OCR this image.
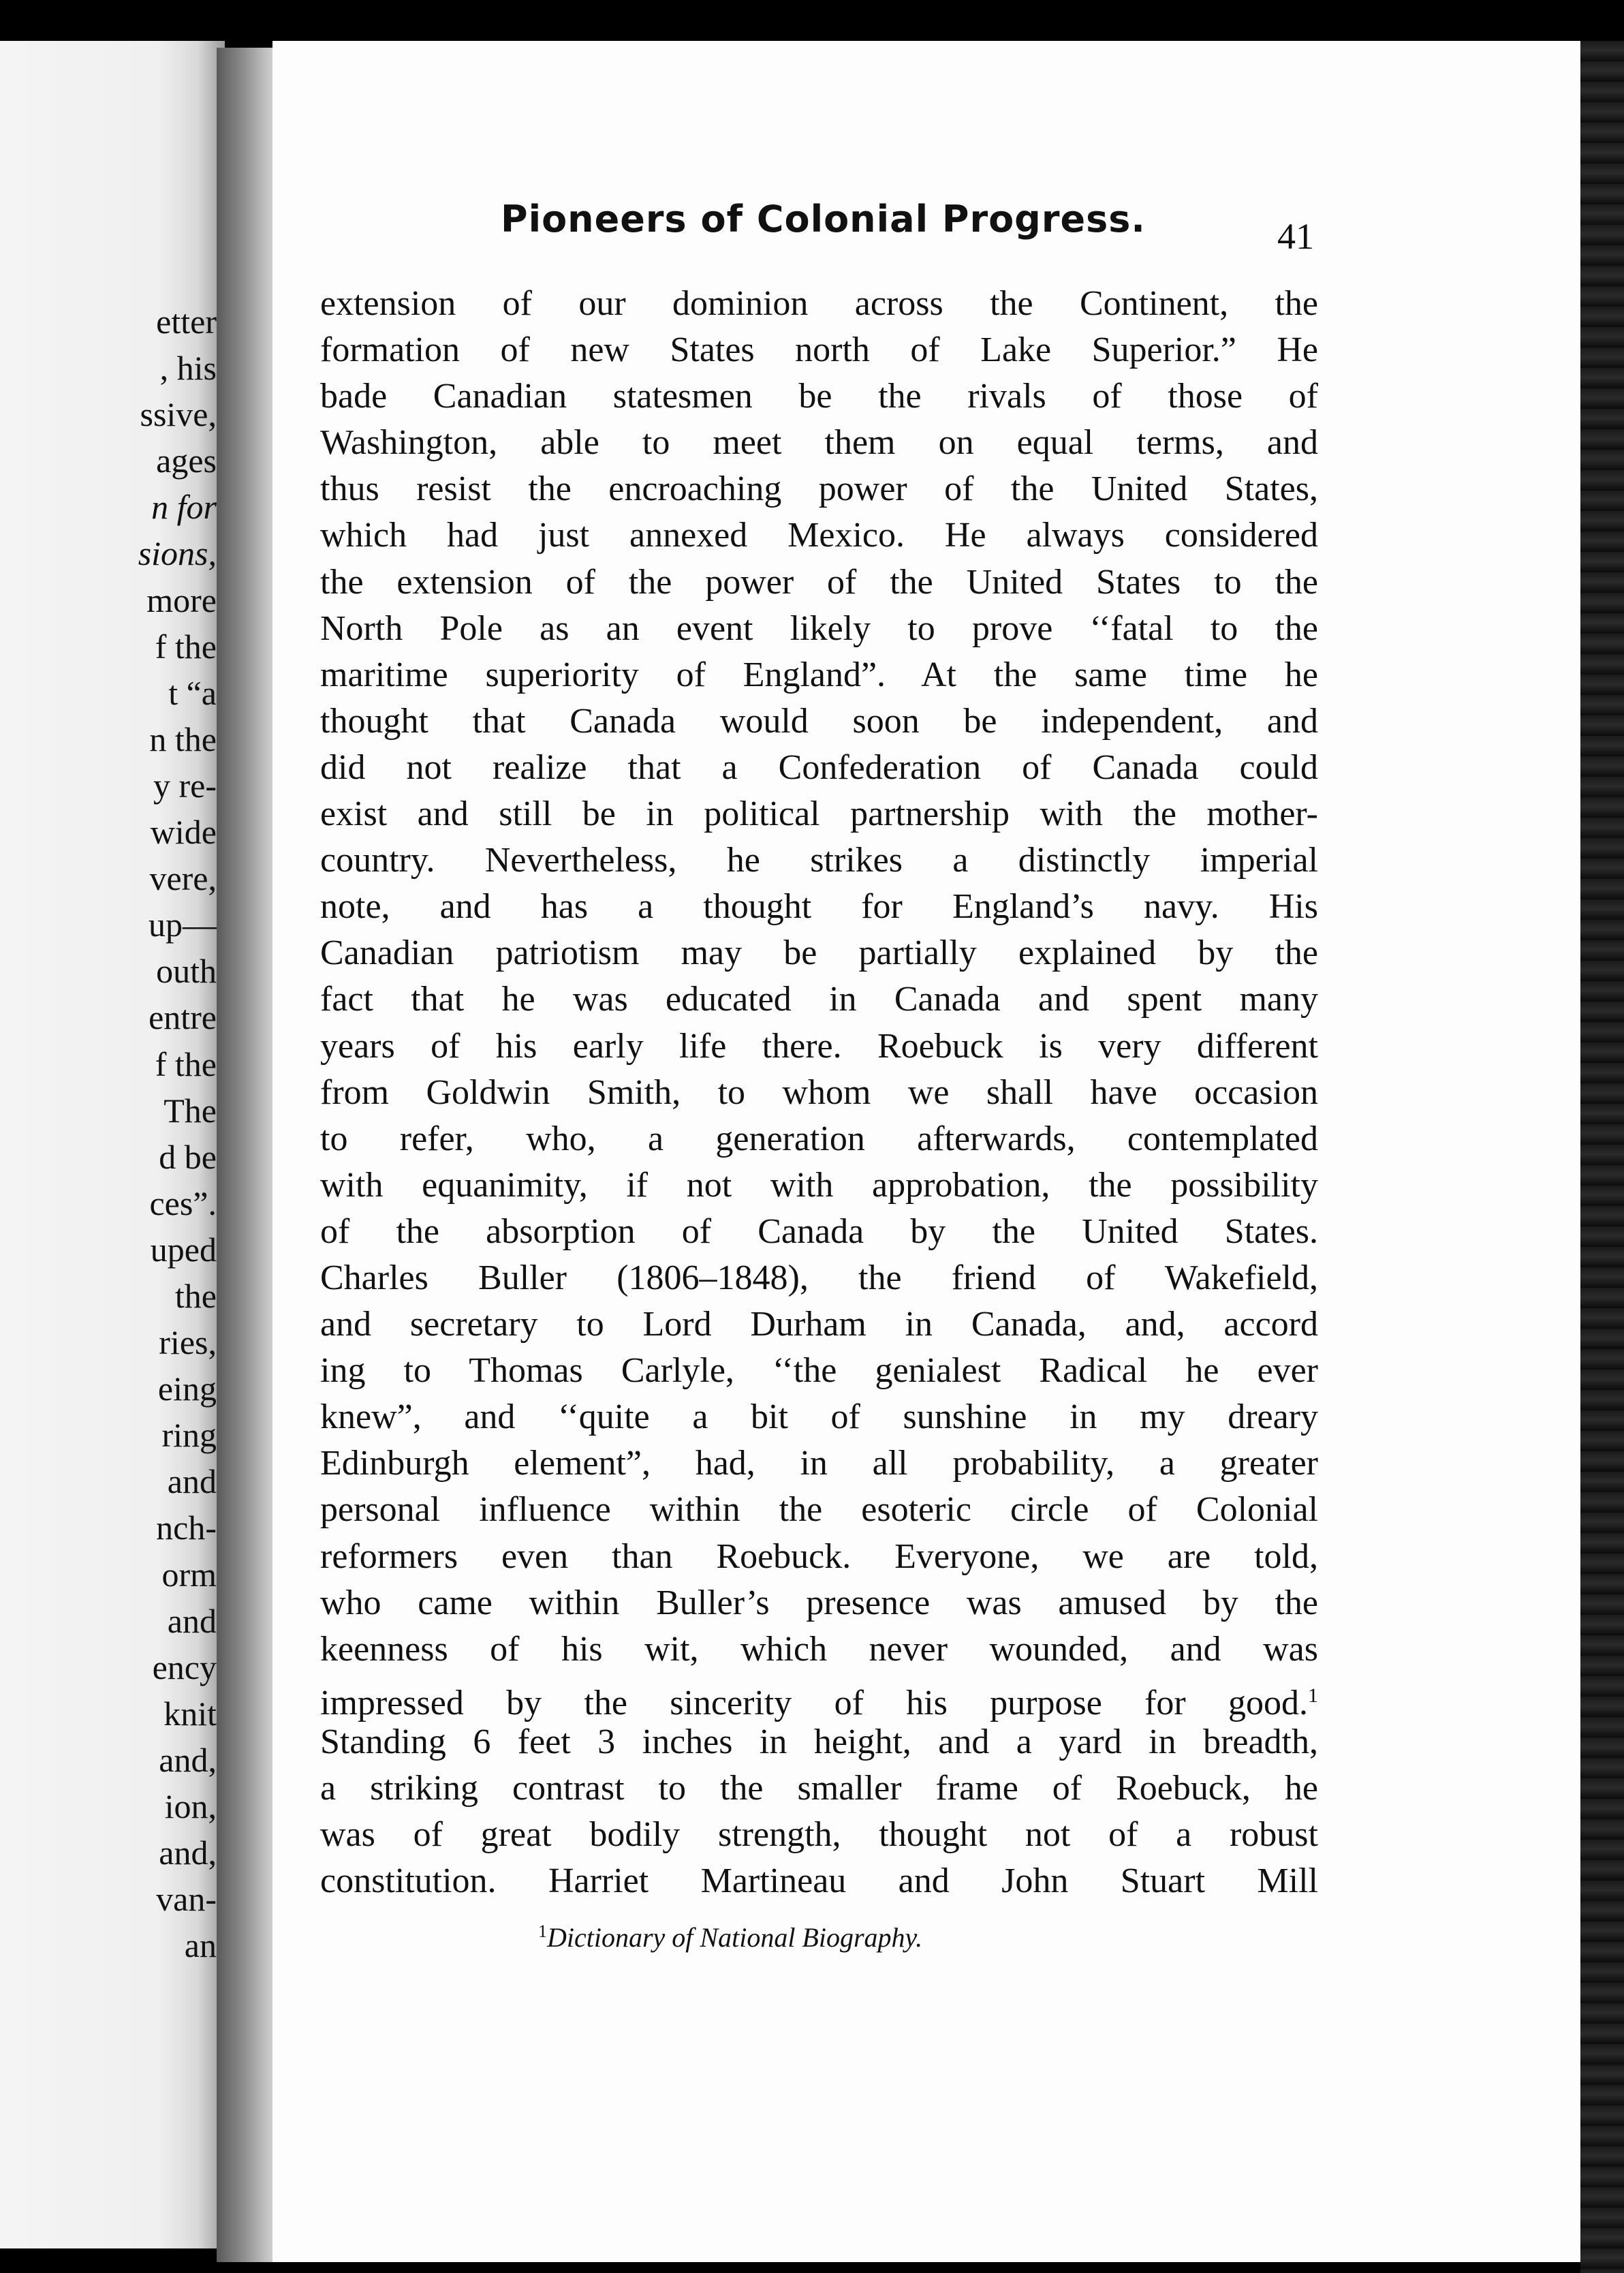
etter
, his
ssive,
ages
n for
sions,
more
f the
t “a
n the
y re-
wide
vere,
up—
outh
entre
f the
The
d be
ces”.
uped
the
ries,
eing
ring
and
nch-
orm
and
ency
knit
and,
ion,
and,
van-
an
Pioneers of Colonial Progress.	41
extension of our dominion across the Continent, the
formation of new States north of Lake Superior.” He
bade Canadian statesmen be the rivals of those of
Washington, able to meet them on equal terms, and
thus resist the encroaching power of the United States,
which had just annexed Mexico. He always considered
the extension of the power of the United States to the
North Pole as an event likely to prove ‘‘fatal to the
maritime superiority of England”. At the same time he
thought that Canada would soon be independent, and
did not realize that a Confederation of Canada could
exist and still be in political partnership with the mother-
country. Nevertheless, he strikes a distinctly imperial
note, and has a thought for England’s navy. His
Canadian patriotism may be partially explained by the
fact that he was educated in Canada and spent many
years of his early life there. Roebuck is very different
from Goldwin Smith, to whom we shall have occasion
to refer, who, a generation afterwards, contemplated
with equanimity, if not with approbation, the possibility
of the absorption of Canada by the United States.
Charles Buller (1806–1848), the friend of Wakefield,
and secretary to Lord Durham in Canada, and, accord
ing to Thomas Carlyle, ‘‘the genialest Radical he ever
knew”, and ‘‘quite a bit of sunshine in my dreary
Edinburgh element”, had, in all probability, a greater
personal influence within the esoteric circle of Colonial
reformers even than Roebuck. Everyone, we are told,
who came within Buller’s presence was amused by the
keenness of his wit, which never wounded, and was
impressed by the sincerity of his purpose for good.$^1$
Standing 6 feet 3 inches in height, and a yard in breadth,
a striking contrast to the smaller frame of Roebuck, he
was of great bodily strength, thought not of a robust
constitution. Harriet Martineau and John Stuart Mill
$^1$Dictionary of National Biography.
